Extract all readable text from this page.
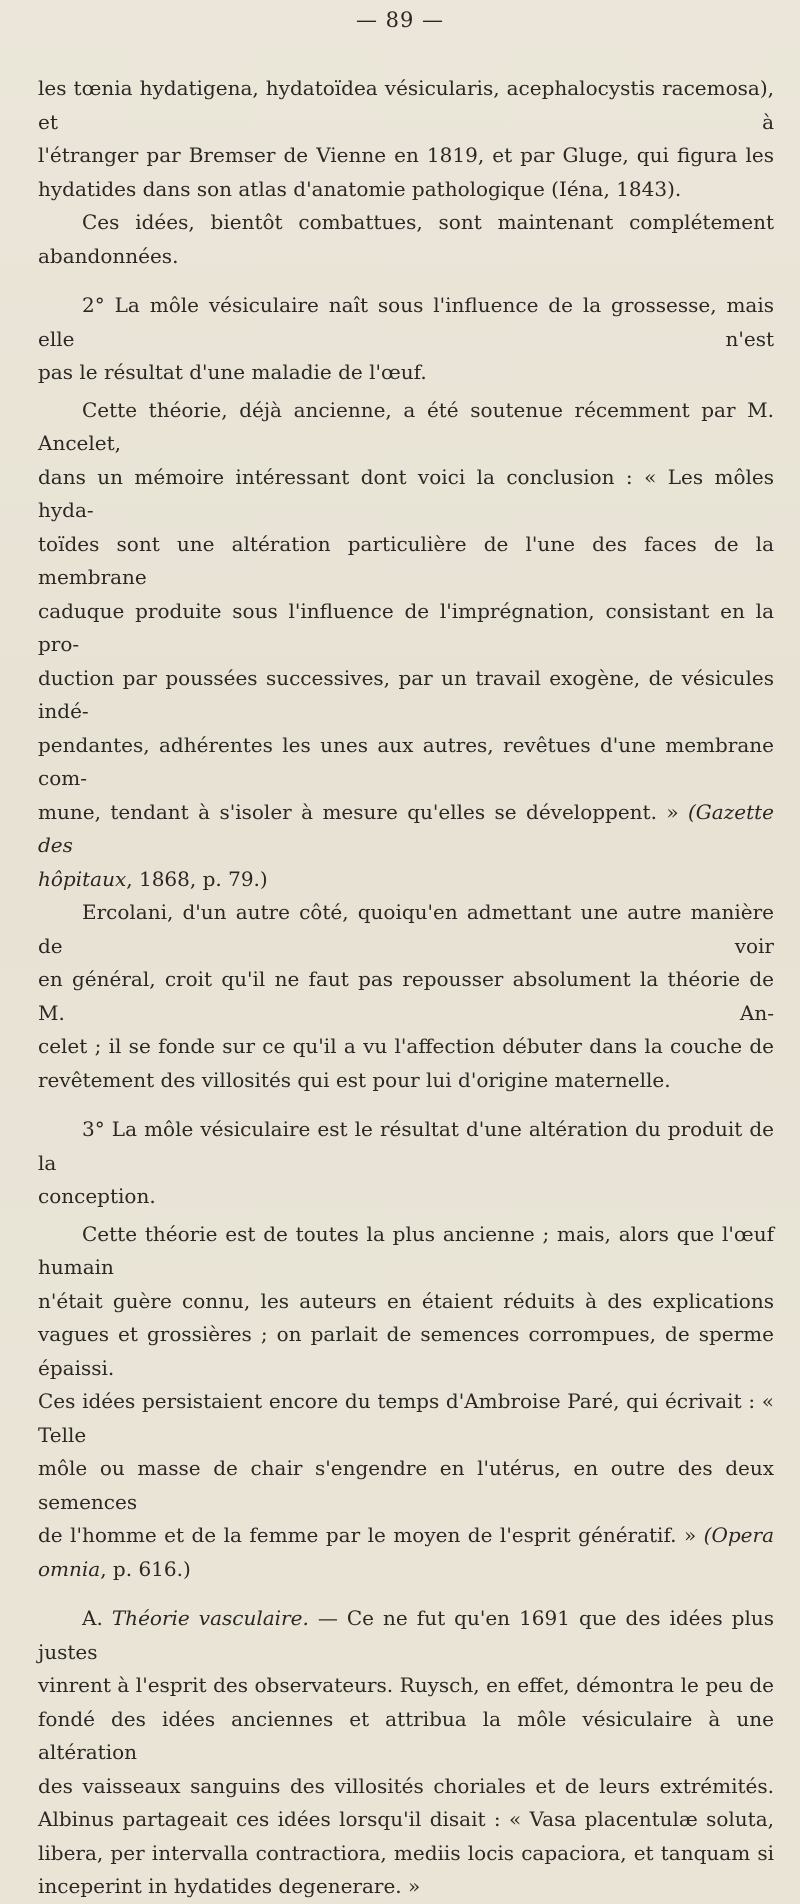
— 89 —

les tœnia hydatigena, hydatoïdea vésicularis, acephalocystis racemosa), et à

l'étranger par Bremser de Vienne en 1819, et par Gluge, qui figura les

hydatides dans son atlas d'anatomie pathologique (Iéna, 1843).

Ces idées, bientôt combattues, sont maintenant complétement abandonnées.

2° La môle vésiculaire naît sous l'influence de la grossesse, mais elle n'est

pas le résultat d'une maladie de l'œuf.

Cette théorie, déjà ancienne, a été soutenue récemment par M. Ancelet,

dans un mémoire intéressant dont voici la conclusion : « Les môles hyda-

toïdes sont une altération particulière de l'une des faces de la membrane

caduque produite sous l'influence de l'imprégnation, consistant en la pro-

duction par poussées successives, par un travail exogène, de vésicules indé-

pendantes, adhérentes les unes aux autres, revêtues d'une membrane com-

mune, tendant à s'isoler à mesure qu'elles se développent. » (Gazette des

hôpitaux, 1868, p. 79.)

Ercolani, d'un autre côté, quoiqu'en admettant une autre manière de voir

en général, croit qu'il ne faut pas repousser absolument la théorie de M. An-

celet ; il se fonde sur ce qu'il a vu l'affection débuter dans la couche de

revêtement des villosités qui est pour lui d'origine maternelle.

3° La môle vésiculaire est le résultat d'une altération du produit de la

conception.

Cette théorie est de toutes la plus ancienne ; mais, alors que l'œuf humain

n'était guère connu, les auteurs en étaient réduits à des explications

vagues et grossières ; on parlait de semences corrompues, de sperme épaissi.

Ces idées persistaient encore du temps d'Ambroise Paré, qui écrivait : « Telle

môle ou masse de chair s'engendre en l'utérus, en outre des deux semences

de l'homme et de la femme par le moyen de l'esprit génératif. » (Opera

omnia, p. 616.)

A. Théorie vasculaire. — Ce ne fut qu'en 1691 que des idées plus justes

vinrent à l'esprit des observateurs. Ruysch, en effet, démontra le peu de

fondé des idées anciennes et attribua la môle vésiculaire à une altération

des vaisseaux sanguins des villosités choriales et de leurs extrémités.

Albinus partageait ces idées lorsqu'il disait : « Vasa placentulæ soluta,

libera, per intervalla contractiora, mediis locis capaciora, et tanquam si

inceperint in hydatides degenerare. »
